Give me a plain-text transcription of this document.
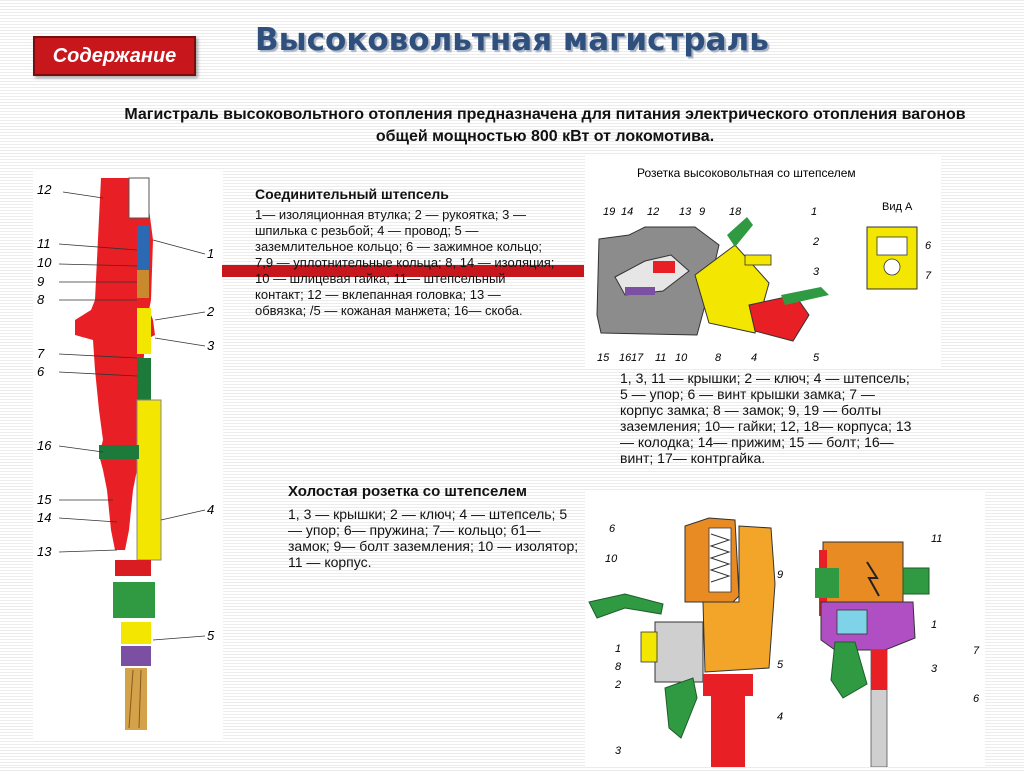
Высоковольтная магистраль
Содержание
Магистраль высоковольтного отопления предназначена для питания электрического отопления вагонов общей мощностью 800 кВт от локомотива.
12
11
10
9
8
7
6
16
15
14
13
1
2
3
4
5
Соединительный штепсель
1— изоляционная втулка; 2 — рукоятка; 3 — шпилька с резьбой; 4 — провод; 5 — заземлительное кольцо; 6 — зажимное кольцо; 7,9 — уплотнительные кольца; 8, 14 — изоляция; 10 — шлицевая гайка; 11— штепсельный контакт; 12 — вклепанная головка; 13 — обвязка; /5 — кожаная манжета; 16— скоба.
Розетка высоковольтная со штепселем
Вид А
19 14 12 13 9 18	1
15 16 17 11 10	8	4	5
2
3
6
7
1, 3, 11 — крышки; 2 — ключ; 4 — штепсель; 5 — упор; 6 — винт крышки замка; 7 — корпус замка; 8 — замок; 9, 19 — болты заземления; 10— гайки; 12, 18— корпуса; 13 — колодка; 14— прижим; 15 — болт; 16— винт; 17— контргайка.
Холостая розетка со штепселем
1, 3 — крышки; 2 — ключ; 4 — штепсель; 5 — упор; 6— пружина; 7— кольцо; б1— замок; 9— болт заземления; 10 — изолятор; 11 — корпус.
6
10
1
8
2
3
9
5
4
11
1
3
7
6
